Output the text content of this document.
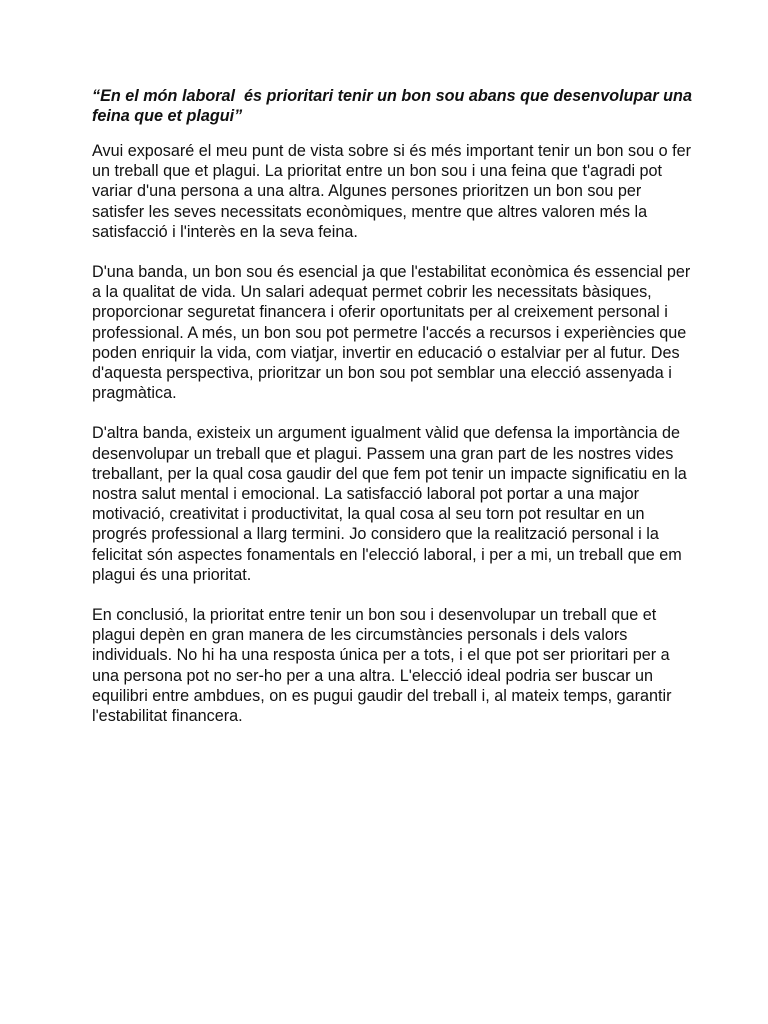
“En el món laboral  és prioritari tenir un bon sou abans que desenvolupar una feina que et plagui”

Avui exposaré el meu punt de vista sobre si és més important tenir un bon sou o fer un treball que et plagui. La prioritat entre un bon sou i una feina que t'agradi pot variar d'una persona a una altra. Algunes persones prioritzen un bon sou per satisfer les seves necessitats econòmiques, mentre que altres valoren més la satisfacció i l'interès en la seva feina.

D'una banda, un bon sou és esencial ja que l'estabilitat econòmica és essencial per a la qualitat de vida. Un salari adequat permet cobrir les necessitats bàsiques, proporcionar seguretat financera i oferir oportunitats per al creixement personal i professional. A més, un bon sou pot permetre l'accés a recursos i experiències que poden enriquir la vida, com viatjar, invertir en educació o estalviar per al futur. Des d'aquesta perspectiva, prioritzar un bon sou pot semblar una elecció assenyada i pragmàtica.

D'altra banda, existeix un argument igualment vàlid que defensa la importància de desenvolupar un treball que et plagui. Passem una gran part de les nostres vides treballant, per la qual cosa gaudir del que fem pot tenir un impacte significatiu en la nostra salut mental i emocional. La satisfacció laboral pot portar a una major motivació, creativitat i productivitat, la qual cosa al seu torn pot resultar en un progrés professional a llarg termini. Jo considero que la realització personal i la felicitat són aspectes fonamentals en l'elecció laboral, i per a mi, un treball que em plagui és una prioritat.

En conclusió, la prioritat entre tenir un bon sou i desenvolupar un treball que et plagui depèn en gran manera de les circumstàncies personals i dels valors individuals. No hi ha una resposta única per a tots, i el que pot ser prioritari per a una persona pot no ser-ho per a una altra. L'elecció ideal podria ser buscar un equilibri entre ambdues, on es pugui gaudir del treball i, al mateix temps, garantir l'estabilitat financera.
